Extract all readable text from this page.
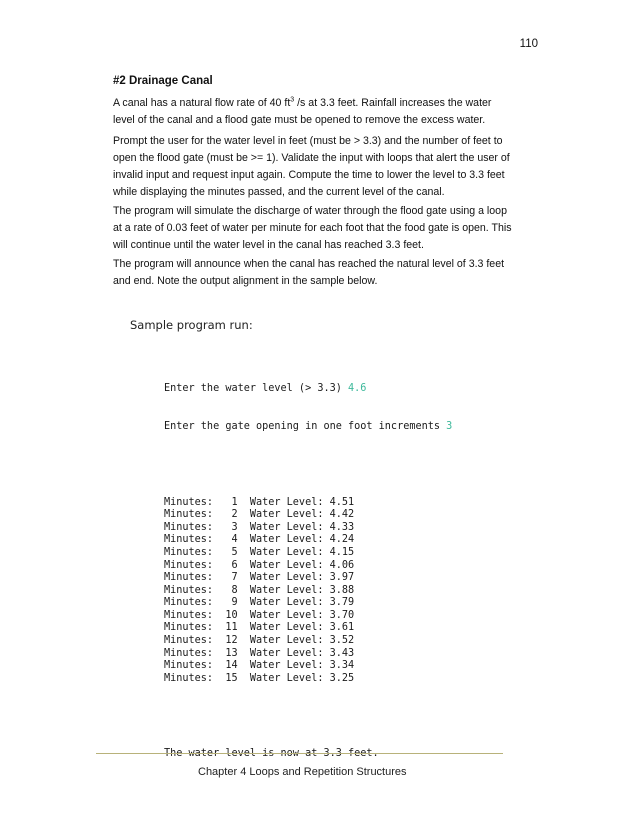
110
#2 Drainage Canal

A canal has a natural flow rate of 40 $ft^3$ /s at 3.3 feet. Rainfall increases the water level of the canal and a flood gate must be opened to remove the excess water.

Prompt the user for the water level in feet (must be > 3.3) and the number of feet to open the flood gate (must be >= 1). Validate the input with loops that alert the user of invalid input and request input again. Compute the time to lower the level to 3.3 feet while displaying the minutes passed, and the current level of the canal.

The program will simulate the discharge of water through the flood gate using a loop at a rate of 0.03 feet of water per minute for each foot that the food gate is open. This will continue until the water level in the canal has reached 3.3 feet.

The program will announce when the canal has reached the natural level of 3.3 feet and end. Note the output alignment in the sample below.

Sample program run:

Enter the water level (> 3.3) 4.6

Enter the gate opening in one foot increments 3

Minutes:   1  Water Level: 4.51
Minutes:   2  Water Level: 4.42
Minutes:   3  Water Level: 4.33
Minutes:   4  Water Level: 4.24
Minutes:   5  Water Level: 4.15
Minutes:   6  Water Level: 4.06
Minutes:   7  Water Level: 3.97
Minutes:   8  Water Level: 3.88
Minutes:   9  Water Level: 3.79
Minutes:  10  Water Level: 3.70
Minutes:  11  Water Level: 3.61
Minutes:  12  Water Level: 3.52
Minutes:  13  Water Level: 3.43
Minutes:  14  Water Level: 3.34
Minutes:  15  Water Level: 3.25

Chapter 4 Loops and Repetition Structures
